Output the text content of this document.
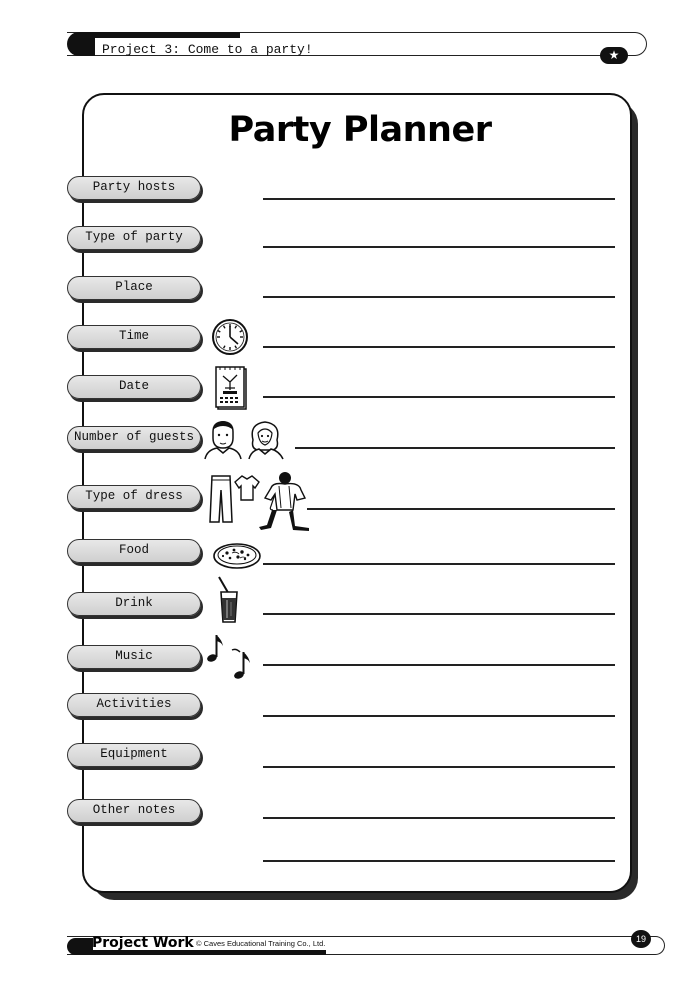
Project 3: Come to a party!	★
Party Planner
Party hosts
Type of party
Place
Time
Date
Number of guests
Type of dress
Food
Drink
Music
Activities
Equipment
Other notes
Project Work © Caves Educational Training Co., Ltd.	19
